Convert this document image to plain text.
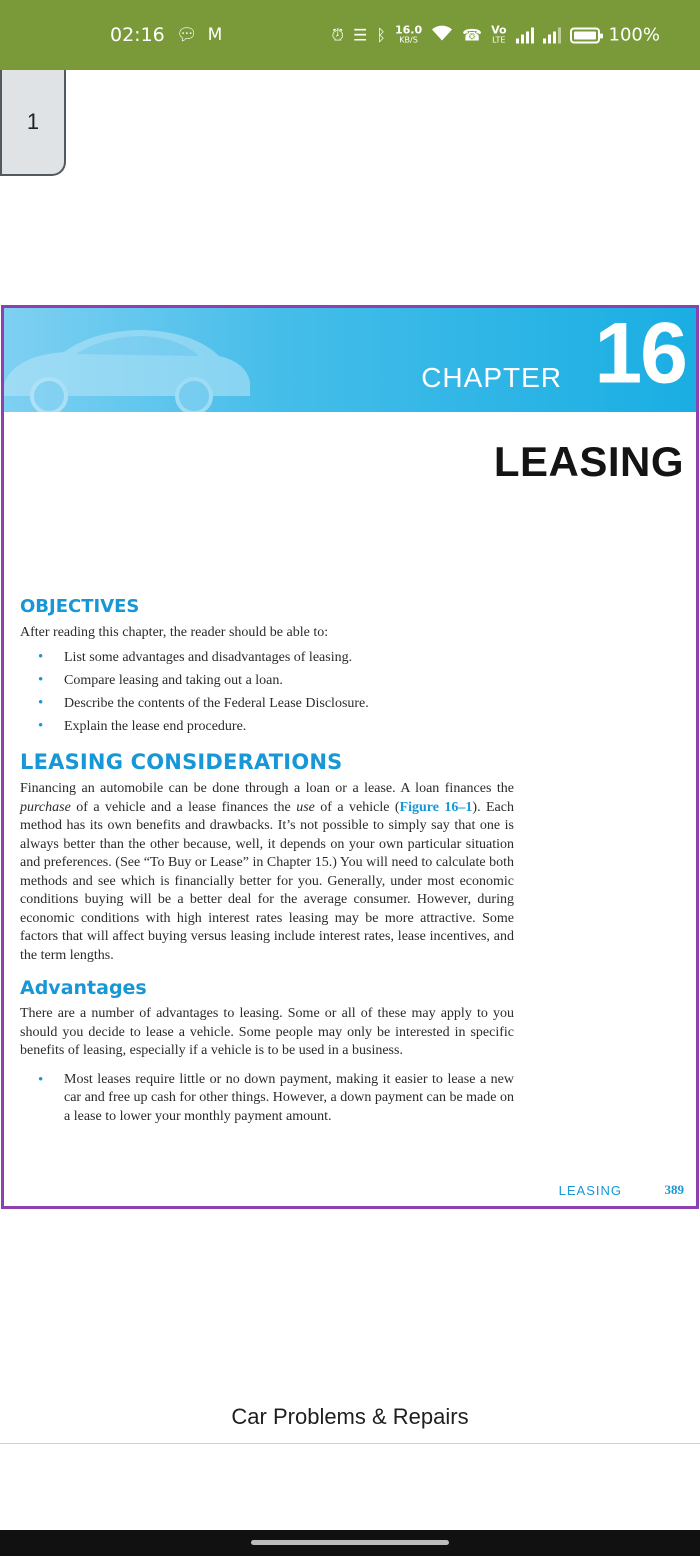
02:16 💬︎ M	⏰︎ ☰ ᛒ 16.0
KB/S	☎︎ Vo
LTE	100%
1
CHAPTER 16
LEASING
OBJECTIVES

After reading this chapter, the reader should be able to:

• List some advantages and disadvantages of leasing.
• Compare leasing and taking out a loan.
• Describe the contents of the Federal Lease Disclosure.
• Explain the lease end procedure.
LEASING CONSIDERATIONS

Financing an automobile can be done through a loan or a lease. A loan finances the purchase of a vehicle and a lease finances the use of a vehicle (Figure 16–1). Each method has its own benefits and drawbacks. It’s not possible to simply say that one is always better than the other because, well, it depends on your own particular situation and preferences. (See “To Buy or Lease” in Chapter 15.) You will need to calculate both methods and see which is financially better for you. Generally, under most economic conditions buying will be a better deal for the average consumer. However, during economic conditions with high interest rates leasing may be more attractive. Some factors that will affect buying versus leasing include interest rates, lease incentives, and the term lengths.

Advantages

There are a number of advantages to leasing. Some or all of these may apply to you should you decide to lease a vehicle. Some people may only be interested in specific benefits of leasing, especially if a vehicle is to be used in a business.

• Most leases require little or no down payment, making it easier to lease a new car and free up cash for other things. However, a down payment can be made on a lease to lower your monthly payment amount.
LEASING	389
Car Problems & Repairs
